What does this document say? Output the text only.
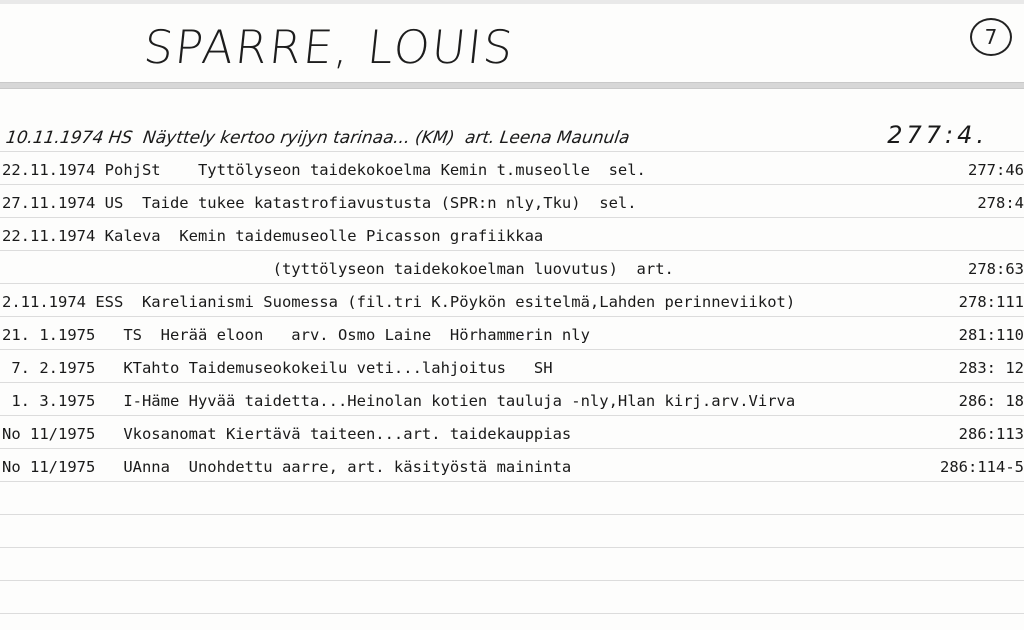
SPARRE, LOUIS	7
10.11.1974 HS  Näyttely kertoo ryijyn tarinaa... (KM)  art. Leena Maunula	277:4.
22.11.1974 PohjSt    Tyttölyseon taidekokoelma Kemin t.museolle  sel.	277:46
27.11.1974 US  Taide tukee katastrofiavustusta (SPR:n nly,Tku)  sel.	278:4
22.11.1974 Kaleva  Kemin taidemuseolle Picasson grafiikkaa
(tyttölyseon taidekokoelman luovutus)  art.	278:63
2.11.1974 ESS  Karelianismi Suomessa (fil.tri K.Pöykön esitelmä,Lahden perinneviikot)	278:111
21. 1.1975   TS  Herää eloon   arv. Osmo Laine  Hörhammerin nly	281:110
7. 2.1975   KTahto Taidemuseokokeilu veti...lahjoitus   SH	283: 12
1. 3.1975   I-Häme Hyvää taidetta...Heinolan kotien tauluja -nly,Hlan kirj.arv.Virva	286: 18
No 11/1975   Vkosanomat Kiertävä taiteen...art. taidekauppias	286:113
No 11/1975   UAnna  Unohdettu aarre, art. käsityöstä maininta	286:114-5
